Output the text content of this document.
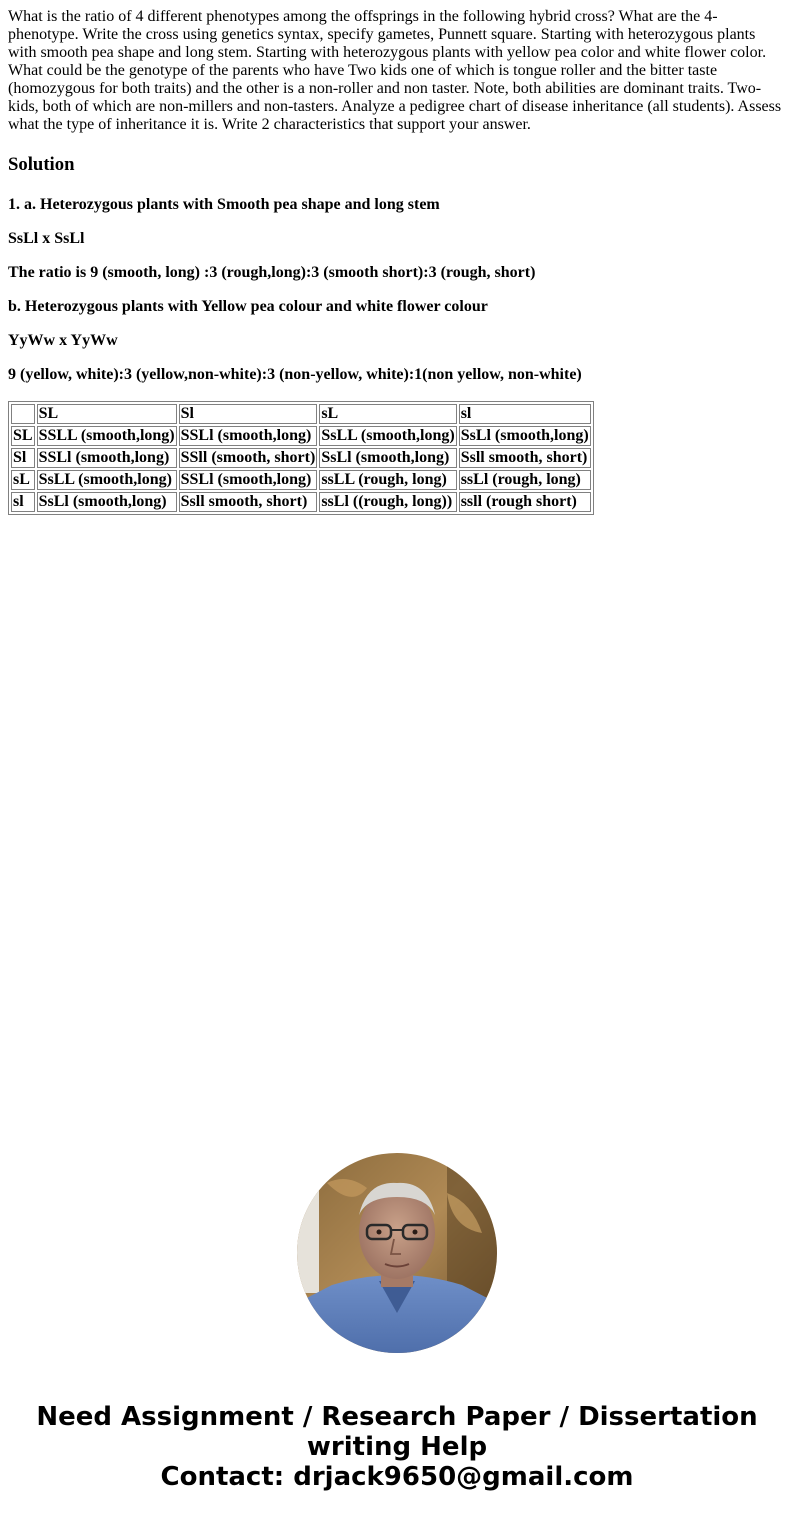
What is the ratio of 4 different phenotypes among the offsprings in the following hybrid cross? What are the 4-phenotype. Write the cross using genetics syntax, specify gametes, Punnett square. Starting with heterozygous plants with smooth pea shape and long stem. Starting with heterozygous plants with yellow pea color and white flower color. What could be the genotype of the parents who have Two kids one of which is tongue roller and the bitter taste (homozygous for both traits) and the other is a non-roller and non taster. Note, both abilities are dominant traits. Two-kids, both of which are non-millers and non-tasters. Analyze a pedigree chart of disease inheritance (all students). Assess what the type of inheritance it is. Write 2 characteristics that support your answer.

Solution

1. a. Heterozygous plants with Smooth pea shape and long stem

SsLl x SsLl

The ratio is 9 (smooth, long) :3 (rough,long):3 (smooth short):3 (rough, short)

b. Heterozygous plants with Yellow pea colour and white flower colour

YyWw x YyWw

9 (yellow, white):3 (yellow,non-white):3 (non-yellow, white):1(non yellow, non-white)

	SL	Sl	sL	sl
SL	SSLL (smooth,long)	SSLl (smooth,long)	SsLL (smooth,long)	SsLl (smooth,long)
Sl	SSLl (smooth,long)	SSll (smooth, short)	SsLl (smooth,long)	Ssll smooth, short)
sL	SsLL (smooth,long)	SSLl (smooth,long)	ssLL (rough, long)	ssLl (rough, long)
sl	SsLl (smooth,long)	Ssll smooth, short)	ssLl ((rough, long))	ssll (rough short)
Need Assignment / Research Paper / Dissertation
writing Help
Contact: drjack9650@gmail.com
